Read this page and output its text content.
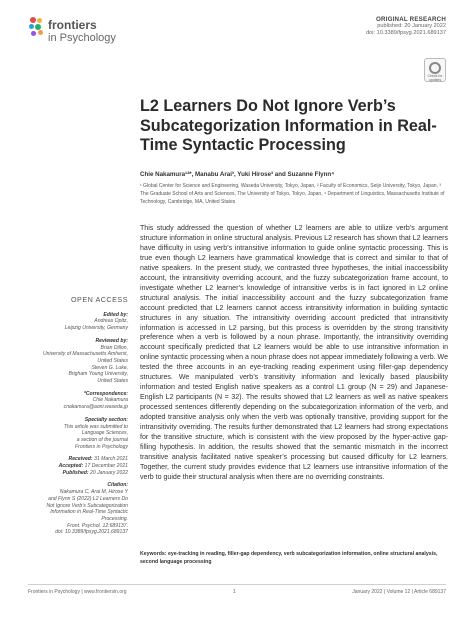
frontiers
in Psychology
ORIGINAL RESEARCH
published: 20 January 2022
doi: 10.3389/fpsyg.2021.689137
Check for updates
L2 Learners Do Not Ignore Verb’s Subcategorization Information in Real-Time Syntactic Processing
Chie Nakamura¹²*, Manabu Arai³, Yuki Hirose³ and Suzanne Flynn⁴
¹ Global Center for Science and Engineering, Waseda University, Tokyo, Japan, ² Faculty of Economics, Seijo University, Tokyo, Japan, ³ The Graduate School of Arts and Sciences, The University of Tokyo, Tokyo, Japan, ⁴ Department of Linguistics, Massachusetts Institute of Technology, Cambridge, MA, United States

This study addressed the question of whether L2 learners are able to utilize verb’s argument structure information in online structural analysis. Previous L2 research has shown that L2 learners have difficulty in using verb’s intransitive information to guide online syntactic processing. This is true even though L2 learners have grammatical knowledge that is correct and similar to that of native speakers. In the present study, we contrasted three hypotheses, the initial inaccessibility account, the intransitivity overriding account, and the fuzzy subcategorization frame account, to investigate whether L2 learner’s knowledge of intransitive verbs is in fact ignored in L2 online structural analysis. The initial inaccessibility account and the fuzzy subcategorization frame account predicted that L2 learners cannot access intransitivity information in building syntactic structures in any situation. The intransitivity overriding account predicted that intransitivity information is accessed in L2 parsing, but this process is overridden by the strong transitivity preference when a verb is followed by a noun phrase. Importantly, the intransitivity overriding account specifically predicted that L2 learners would be able to use intransitive information in online syntactic processing when a noun phrase does not appear immediately following a verb. We tested the three accounts in an eye-tracking reading experiment using filler-gap dependency structures. We manipulated verb’s transitivity information and lexically based plausibility information and tested English native speakers as a control L1 group (N = 29) and Japanese-English L2 participants (N = 32). The results showed that L2 learners as well as native speakers processed sentences differently depending on the subcategorization information of the verb, and adopted transitive analysis only when the verb was optionally transitive, providing support for the intransitivity overriding. The results further demonstrated that L2 learners had strong expectations for the transitive structure, which is consistent with the view proposed by the hyper-active gap-filling hypothesis. In addition, the results showed that the semantic mismatch in the incorrect transitive analysis facilitated native speaker’s processing but caused difficulty for L2 learners. Together, the current study provides evidence that L2 learners use intransitive information of the verb to guide their structural analysis when there are no overriding constraints.

Keywords: eye-tracking in reading, filler-gap dependency, verb subcategorization information, online structural analysis, second language processing
OPEN ACCESS
Edited by:
Andreas Opitz,
Leipzig University, Germany
Reviewed by:
Brian Dillon,
University of Massachusetts Amherst,
United States
Steven G. Luke,
Brigham Young University,
United States
*Correspondence:
Chie Nakamura
cnakamura@aoni.waseda.jp
Specialty section:
This article was submitted to
Language Sciences,
a section of the journal
Frontiers in Psychology
Received: 31 March 2021
Accepted: 17 December 2021
Published: 20 January 2022
Citation:
Nakamura C, Arai M, Hirose Y
and Flynn S (2022) L2 Learners Do
Not Ignore Verb’s Subcategorization
Information in Real-Time Syntactic
Processing.
Front. Psychol. 12:689137.
doi: 10.3389/fpsyg.2021.689137
Frontiers in Psychology | www.frontiersin.org	1	January 2022 | Volume 12 | Article 689137
